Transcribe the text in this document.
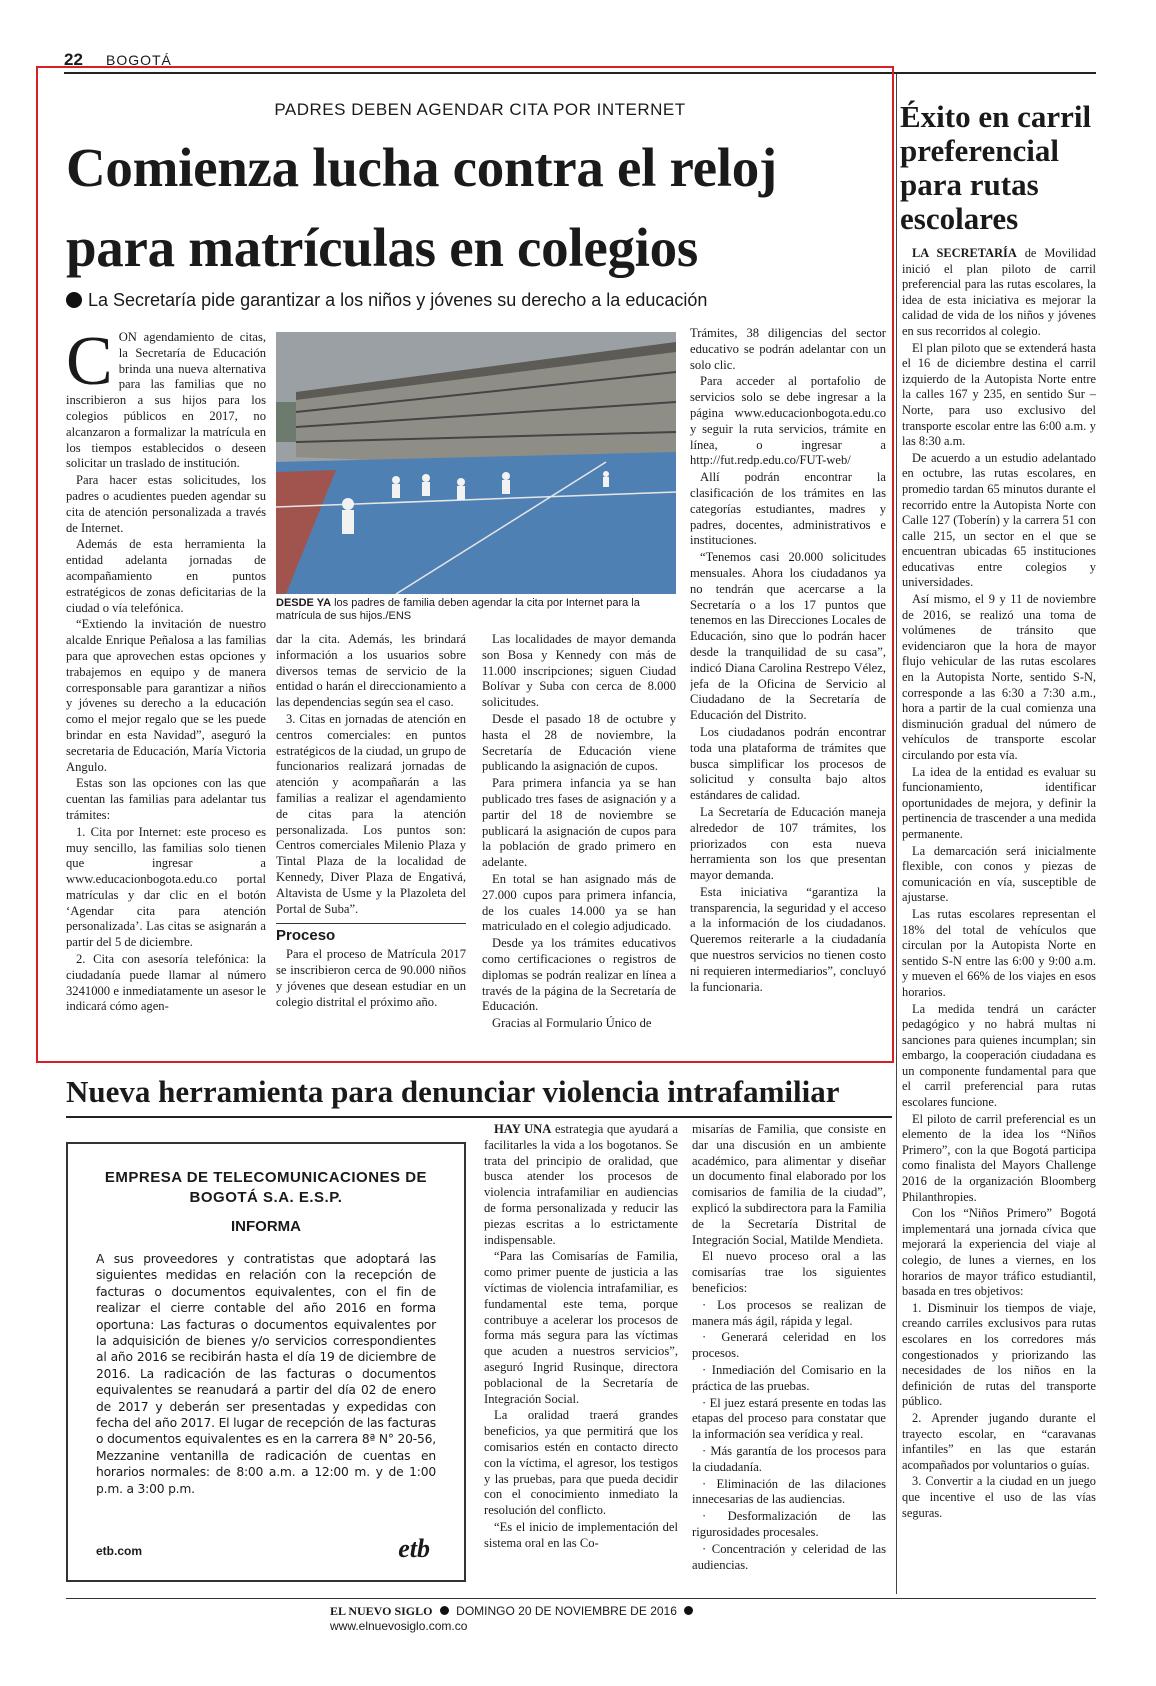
22 BOGOTÁ
PADRES DEBEN AGENDAR CITA POR INTERNET
Comienza lucha contra el reloj para matrículas en colegios
La Secretaría pide garantizar a los niños y jóvenes su derecho a la educación

CON agendamiento de citas, la Secretaría de Educación brinda una nueva alternativa para las familias que no inscribieron a sus hijos para los colegios públicos en 2017, no alcanzaron a formalizar la matrícula en los tiempos establecidos o deseen solicitar un traslado de institución.

Para hacer estas solicitudes, los padres o acudientes pueden agendar su cita de atención personalizada a través de Internet.

Además de esta herramienta la entidad adelanta jornadas de acompañamiento en puntos estratégicos de zonas deficitarias de la ciudad o vía telefónica.

“Extiendo la invitación de nuestro alcalde Enrique Peñalosa a las familias para que aprovechen estas opciones y trabajemos en equipo y de manera corresponsable para garantizar a niños y jóvenes su derecho a la educación como el mejor regalo que se les puede brindar en esta Navidad”, aseguró la secretaria de Educación, María Victoria Angulo.

Estas son las opciones con las que cuentan las familias para adelantar tus trámites:

1. Cita por Internet: este proceso es muy sencillo, las familias solo tienen que ingresar a www.educacionbogota.edu.co portal matrículas y dar clic en el botón ‘Agendar cita para atención personalizada’. Las citas se asignarán a partir del 5 de diciembre.

2. Cita con asesoría telefónica: la ciudadanía puede llamar al número 3241000 e inmediatamente un asesor le indicará cómo agen-

DESDE YA los padres de familia deben agendar la cita por Internet para la matrícula de sus hijos./ENS

dar la cita. Además, les brindará información a los usuarios sobre diversos temas de servicio de la entidad o harán el direccionamiento a las dependencias según sea el caso.

3. Citas en jornadas de atención en centros comerciales: en puntos estratégicos de la ciudad, un grupo de funcionarios realizará jornadas de atención y acompañarán a las familias a realizar el agendamiento de citas para la atención personalizada. Los puntos son: Centros comerciales Milenio Plaza y Tintal Plaza de la localidad de Kennedy, Diver Plaza de Engativá, Altavista de Usme y la Plazoleta del Portal de Suba”.

Proceso

Para el proceso de Matrícula 2017 se inscribieron cerca de 90.000 niños y jóvenes que desean estudiar en un colegio distrital el próximo año.

Las localidades de mayor demanda son Bosa y Kennedy con más de 11.000 inscripciones; siguen Ciudad Bolívar y Suba con cerca de 8.000 solicitudes.

Desde el pasado 18 de octubre y hasta el 28 de noviembre, la Secretaría de Educación viene publicando la asignación de cupos.

Para primera infancia ya se han publicado tres fases de asignación y a partir del 18 de noviembre se publicará la asignación de cupos para la población de grado primero en adelante.

En total se han asignado más de 27.000 cupos para primera infancia, de los cuales 14.000 ya se han matriculado en el colegio adjudicado.

Desde ya los trámites educativos como certificaciones o registros de diplomas se podrán realizar en línea a través de la página de la Secretaría de Educación.

Gracias al Formulario Único de

Trámites, 38 diligencias del sector educativo se podrán adelantar con un solo clic.

Para acceder al portafolio de servicios solo se debe ingresar a la página www.educacionbogota.edu.co y seguir la ruta servicios, trámite en línea, o ingresar a http://fut.redp.edu.co/FUT-web/

Allí podrán encontrar la clasificación de los trámites en las categorías estudiantes, madres y padres, docentes, administrativos e instituciones.

“Tenemos casi 20.000 solicitudes mensuales. Ahora los ciudadanos ya no tendrán que acercarse a la Secretaría o a los 17 puntos que tenemos en las Direcciones Locales de Educación, sino que lo podrán hacer desde la tranquilidad de su casa”, indicó Diana Carolina Restrepo Vélez, jefa de la Oficina de Servicio al Ciudadano de la Secretaría de Educación del Distrito.

Los ciudadanos podrán encontrar toda una plataforma de trámites que busca simplificar los procesos de solicitud y consulta bajo altos estándares de calidad.

La Secretaría de Educación maneja alrededor de 107 trámites, los priorizados con esta nueva herramienta son los que presentan mayor demanda.

Esta iniciativa “garantiza la transparencia, la seguridad y el acceso a la información de los ciudadanos. Queremos reiterarle a la ciudadanía que nuestros servicios no tienen costo ni requieren intermediarios”, concluyó la funcionaria.

Éxito en carril preferencial para rutas escolares

LA SECRETARÍA de Movilidad inició el plan piloto de carril preferencial para las rutas escolares, la idea de esta iniciativa es mejorar la calidad de vida de los niños y jóvenes en sus recorridos al colegio.

El plan piloto que se extenderá hasta el 16 de diciembre destina el carril izquierdo de la Autopista Norte entre la calles 167 y 235, en sentido Sur – Norte, para uso exclusivo del transporte escolar entre las 6:00 a.m. y las 8:30 a.m.

De acuerdo a un estudio adelantado en octubre, las rutas escolares, en promedio tardan 65 minutos durante el recorrido entre la Autopista Norte con Calle 127 (Toberín) y la carrera 51 con calle 215, un sector en el que se encuentran ubicadas 65 instituciones educativas entre colegios y universidades.

Así mismo, el 9 y 11 de noviembre de 2016, se realizó una toma de volúmenes de tránsito que evidenciaron que la hora de mayor flujo vehicular de las rutas escolares en la Autopista Norte, sentido S-N, corresponde a las 6:30 a 7:30 a.m., hora a partir de la cual comienza una disminución gradual del número de vehículos de transporte escolar circulando por esta vía.

La idea de la entidad es evaluar su funcionamiento, identificar oportunidades de mejora, y definir la pertinencia de trascender a una medida permanente.

La demarcación será inicialmente flexible, con conos y piezas de comunicación en vía, susceptible de ajustarse.

Las rutas escolares representan el 18% del total de vehículos que circulan por la Autopista Norte en sentido S-N entre las 6:00 y 9:00 a.m. y mueven el 66% de los viajes en esos horarios.

La medida tendrá un carácter pedagógico y no habrá multas ni sanciones para quienes incumplan; sin embargo, la cooperación ciudadana es un componente fundamental para que el carril preferencial para rutas escolares funcione.

El piloto de carril preferencial es un elemento de la idea los “Niños Primero”, con la que Bogotá participa como finalista del Mayors Challenge 2016 de la organización Bloomberg Philanthropies.

Con los “Niños Primero” Bogotá implementará una jornada cívica que mejorará la experiencia del viaje al colegio, de lunes a viernes, en los horarios de mayor tráfico estudiantil, basada en tres objetivos:

1. Disminuir los tiempos de viaje, creando carriles exclusivos para rutas escolares en los corredores más congestionados y priorizando las necesidades de los niños en la definición de rutas del transporte público.

2. Aprender jugando durante el trayecto escolar, en “caravanas infantiles” en las que estarán acompañados por voluntarios o guías.

3. Convertir a la ciudad en un juego que incentive el uso de las vías seguras.

Nueva herramienta para denunciar violencia intrafamiliar

HAY UNA estrategia que ayudará a facilitarles la vida a los bogotanos. Se trata del principio de oralidad, que busca atender los procesos de violencia intrafamiliar en audiencias de forma personalizada y reducir las piezas escritas a lo estrictamente indispensable.

“Para las Comisarías de Familia, como primer puente de justicia a las víctimas de violencia intrafamiliar, es fundamental este tema, porque contribuye a acelerar los procesos de forma más segura para las víctimas que acuden a nuestros servicios”, aseguró Ingrid Rusinque, directora poblacional de la Secretaría de Integración Social.

La oralidad traerá grandes beneficios, ya que permitirá que los comisarios estén en contacto directo con la víctima, el agresor, los testigos y las pruebas, para que pueda decidir con el conocimiento inmediato la resolución del conflicto.

“Es el inicio de implementación del sistema oral en las Co-

misarías de Familia, que consiste en dar una discusión en un ambiente académico, para alimentar y diseñar un documento final elaborado por los comisarios de familia de la ciudad”, explicó la subdirectora para la Familia de la Secretaría Distrital de Integración Social, Matilde Mendieta.

El nuevo proceso oral a las comisarías trae los siguientes beneficios:

· Los procesos se realizan de manera más ágil, rápida y legal.

· Generará celeridad en los procesos.

· Inmediación del Comisario en la práctica de las pruebas.

· El juez estará presente en todas las etapas del proceso para constatar que la información sea verídica y real.

· Más garantía de los procesos para la ciudadanía.

· Eliminación de las dilaciones innecesarias de las audiencias.

· Desformalización de las rigurosidades procesales.

· Concentración y celeridad de las audiencias.

EMPRESA DE TELECOMUNICACIONES DE BOGOTÁ S.A. E.S.P.
INFORMA
A sus proveedores y contratistas que adoptará las siguientes medidas en relación con la recepción de facturas o documentos equivalentes, con el fin de realizar el cierre contable del año 2016 en forma oportuna: Las facturas o documentos equivalentes por la adquisición de bienes y/o servicios correspondientes al año 2016 se recibirán hasta el día 19 de diciembre de 2016. La radicación de las facturas o documentos equivalentes se reanudará a partir del día 02 de enero de 2017 y deberán ser presentadas y expedidas con fecha del año 2017. El lugar de recepción de las facturas o documentos equivalentes es en la carrera 8ª N° 20-56, Mezzanine ventanilla de radicación de cuentas en horarios normales: de 8:00 a.m. a 12:00 m. y de 1:00 p.m. a 3:00 p.m.
etb.com	etb
EL NUEVO SIGLO DOMINGO 20 DE NOVIEMBRE DE 2016  www.elnuevosiglo.com.co
